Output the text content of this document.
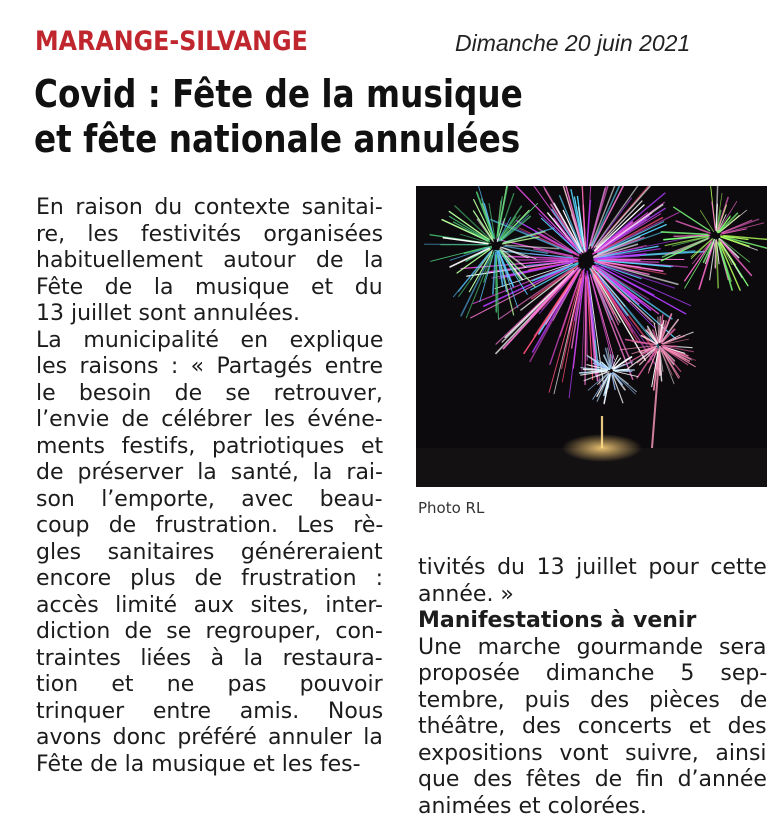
MARANGE-SILVANGE	Dimanche 20 juin 2021
Covid : Fête de la musique
et fête nationale annulées
En raison du contexte sanitai-
re, les festivités organisées
habituellement autour de la
Fête de la musique et du
13 juillet sont annulées.
La municipalité en explique
les raisons : « Partagés entre
le besoin de se retrouver,
l’envie de célébrer les événe-
ments festifs, patriotiques et
de préserver la santé, la rai-
son l’emporte, avec beau-
coup de frustration. Les rè-
gles sanitaires généreraient
encore plus de frustration :
accès limité aux sites, inter-
diction de se regrouper, con-
traintes liées à la restaura-
tion et ne pas pouvoir
trinquer entre amis. Nous
avons donc préféré annuler la
Fête de la musique et les fes-
Photo RL
tivités du 13 juillet pour cette
année. »
Manifestations à venir
Une marche gourmande sera
proposée dimanche 5 sep-
tembre, puis des pièces de
théâtre, des concerts et des
expositions vont suivre, ainsi
que des fêtes de fin d’année
animées et colorées.
